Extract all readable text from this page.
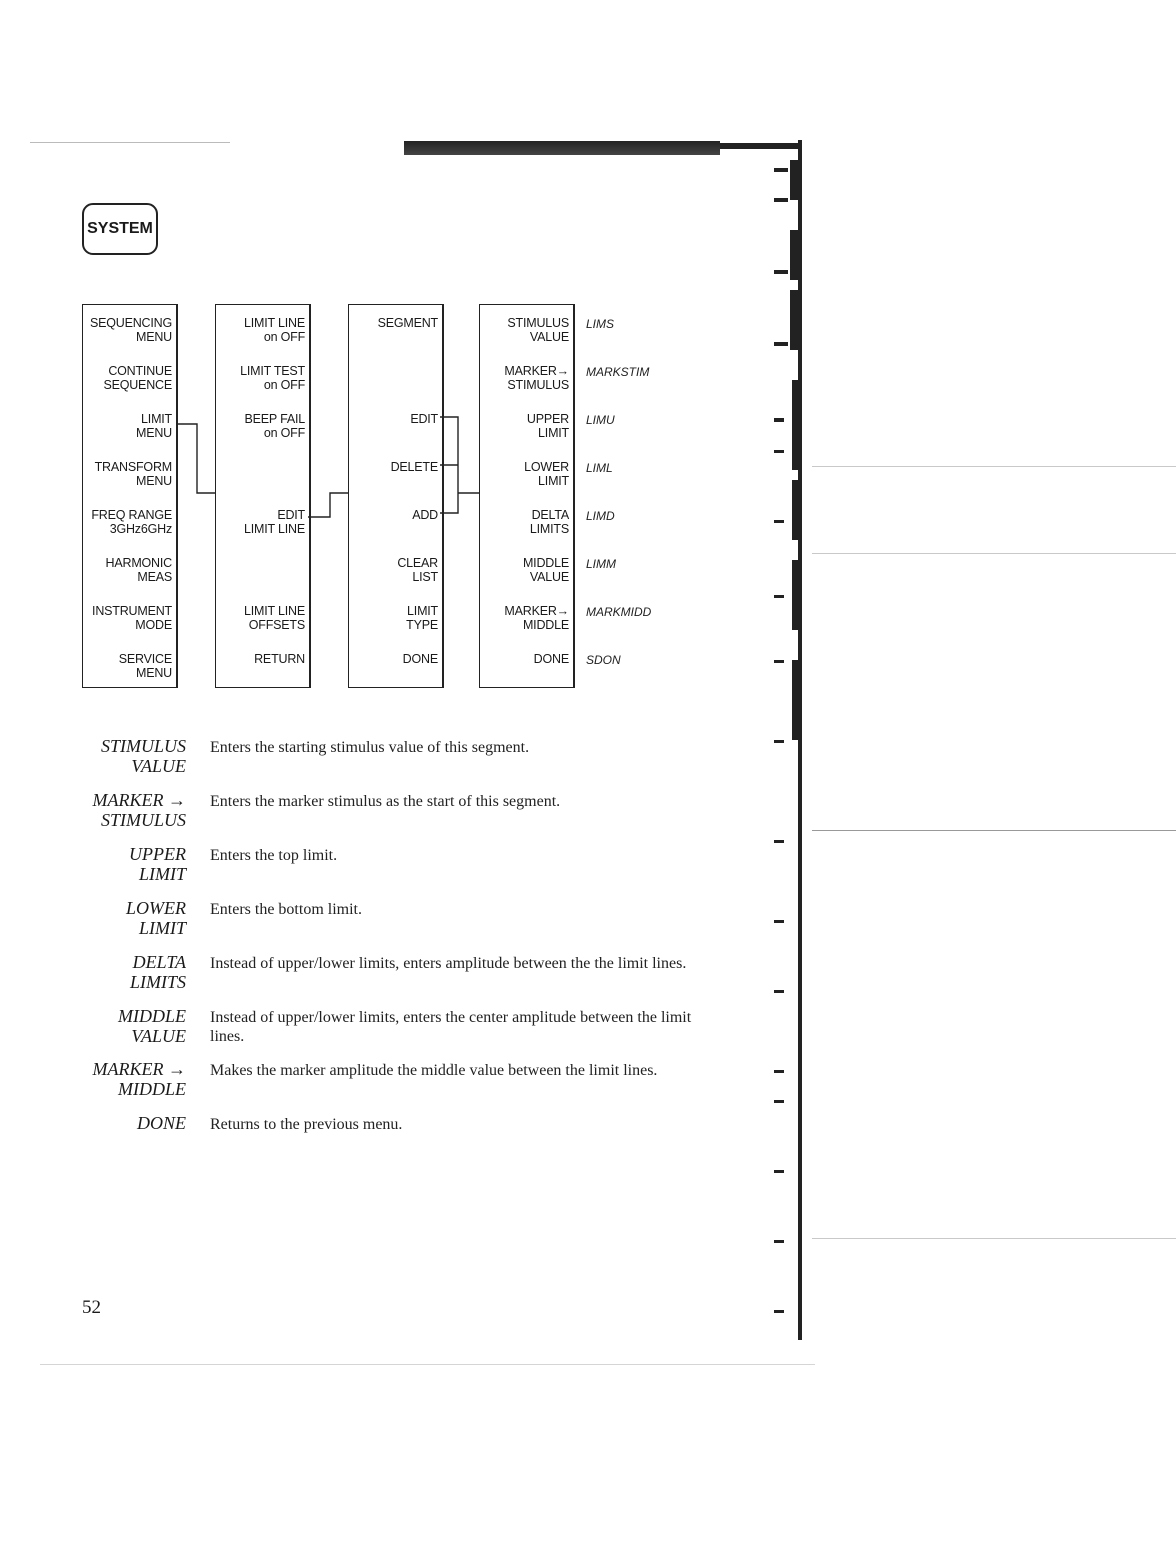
SYSTEM
SEQUENCING
MENU
CONTINUE
SEQUENCE
LIMIT
MENU
TRANSFORM
MENU
FREQ RANGE
3GHz6GHz
HARMONIC
MEAS
INSTRUMENT
MODE
SERVICE
MENU
LIMIT LINE
on OFF
LIMIT TEST
on OFF
BEEP FAIL
on OFF
EDIT
LIMIT LINE
LIMIT LINE
OFFSETS
RETURN
SEGMENT
EDIT
DELETE
ADD
CLEAR
LIST
LIMIT
TYPE
DONE
STIMULUS
VALUE
MARKER→
STIMULUS
UPPER
LIMIT
LOWER
LIMIT
DELTA
LIMITS
MIDDLE
VALUE
MARKER→
MIDDLE
DONE
LIMS
MARKSTIM
LIMU
LIML
LIMD
LIMM
MARKMIDD
SDON
STIMULUS
VALUE
Enters the starting stimulus value of this segment.
MARKER →
STIMULUS
Enters the marker stimulus as the start of this segment.
UPPER
LIMIT
Enters the top limit.
LOWER
LIMIT
Enters the bottom limit.
DELTA
LIMITS
Instead of upper/lower limits, enters amplitude between the the limit lines.
MIDDLE
VALUE
Instead of upper/lower limits, enters the center amplitude between the limit lines.
MARKER →
MIDDLE
Makes the marker amplitude the middle value between the limit lines.
DONE Returns to the previous menu.
52
